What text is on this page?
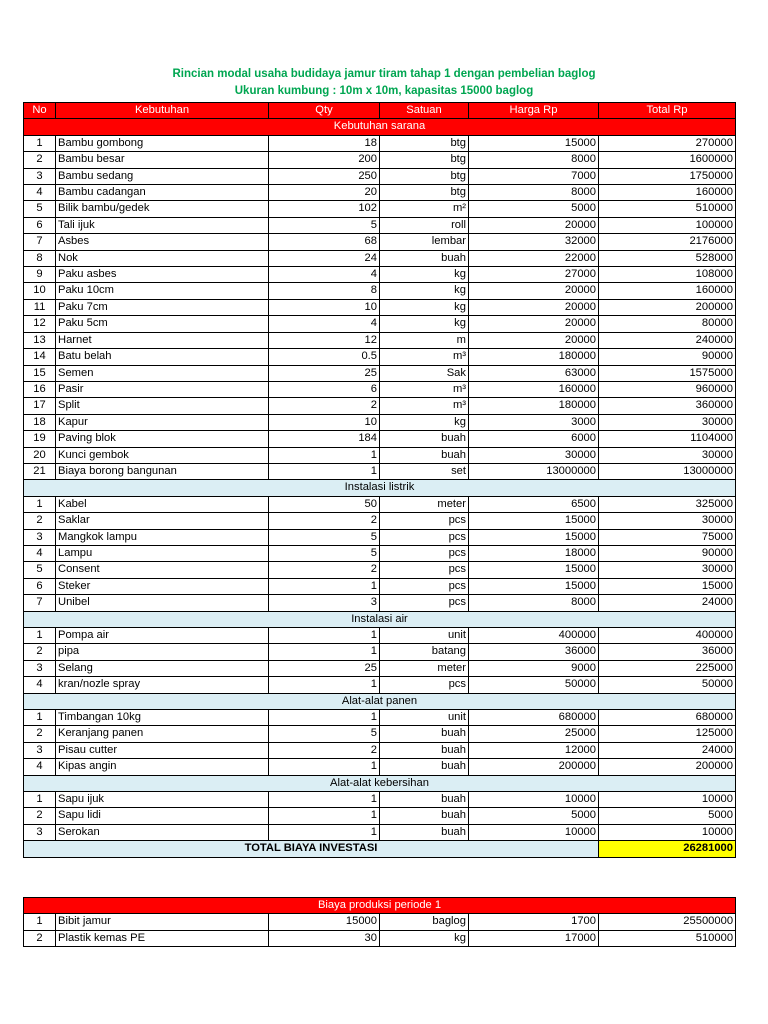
Rincian modal usaha budidaya jamur tiram tahap 1 dengan pembelian baglog
Ukuran kumbung : 10m x 10m, kapasitas 15000 baglog
No	Kebutuhan	Qty	Satuan	Harga Rp	Total Rp
Kebutuhan sarana					
1	Bambu gombong	18	btg	15000	270000
2	Bambu besar	200	btg	8000	1600000
3	Bambu sedang	250	btg	7000	1750000
4	Bambu cadangan	20	btg	8000	160000
5	Bilik bambu/gedek	102	m²	5000	510000
6	Tali ijuk	5	roll	20000	100000
7	Asbes	68	lembar	32000	2176000
8	Nok	24	buah	22000	528000
9	Paku asbes	4	kg	27000	108000
10	Paku 10cm	8	kg	20000	160000
11	Paku 7cm	10	kg	20000	200000
12	Paku 5cm	4	kg	20000	80000
13	Harnet	12	m	20000	240000
14	Batu belah	0.5	m³	180000	90000
15	Semen	25	Sak	63000	1575000
16	Pasir	6	m³	160000	960000
17	Split	2	m³	180000	360000
18	Kapur	10	kg	3000	30000
19	Paving blok	184	buah	6000	1104000
20	Kunci gembok	1	buah	30000	30000
21	Biaya borong bangunan	1	set	13000000	13000000
Instalasi listrik					
1	Kabel	50	meter	6500	325000
2	Saklar	2	pcs	15000	30000
3	Mangkok lampu	5	pcs	15000	75000
4	Lampu	5	pcs	18000	90000
5	Consent	2	pcs	15000	30000
6	Steker	1	pcs	15000	15000
7	Unibel	3	pcs	8000	24000
Instalasi air					
1	Pompa air	1	unit	400000	400000
2	pipa	1	batang	36000	36000
3	Selang	25	meter	9000	225000
4	kran/nozle spray	1	pcs	50000	50000
Alat-alat panen					
1	Timbangan 10kg	1	unit	680000	680000
2	Keranjang panen	5	buah	25000	125000
3	Pisau cutter	2	buah	12000	24000
4	Kipas angin	1	buah	200000	200000
Alat-alat kebersihan					
1	Sapu ijuk	1	buah	10000	10000
2	Sapu lidi	1	buah	5000	5000
3	Serokan	1	buah	10000	10000
TOTAL BIAYA INVESTASI					26281000
Biaya produksi periode 1					
1	Bibit jamur	15000	baglog	1700	25500000
2	Plastik kemas PE	30	kg	17000	510000
